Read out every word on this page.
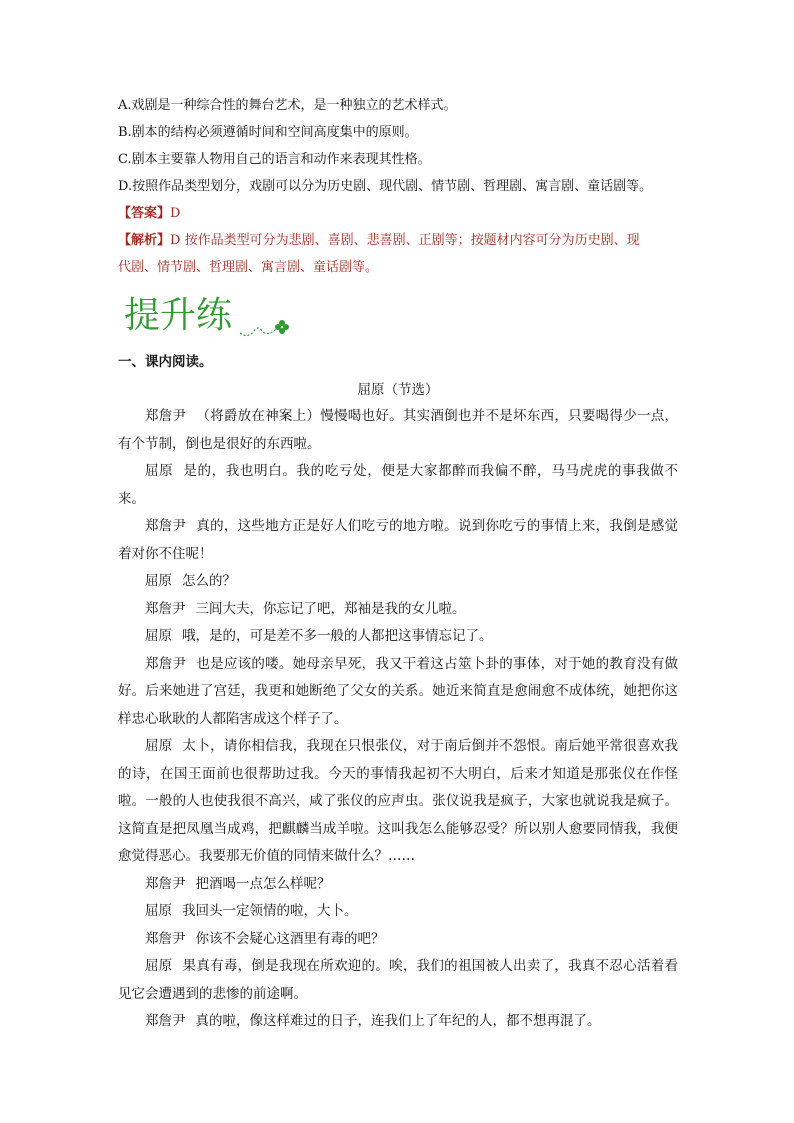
A.戏剧是一种综合性的舞台艺术，是一种独立的艺术样式。
B.剧本的结构必须遵循时间和空间高度集中的原则。
C.剧本主要靠人物用自己的语言和动作来表现其性格。
D.按照作品类型划分，戏剧可以分为历史剧、现代剧、情节剧、哲理剧、寓言剧、童话剧等。
【答案】D
【解析】D 按作品类型可分为悲剧、喜剧、悲喜剧、正剧等；按题材内容可分为历史剧、现
代剧、情节剧、哲理剧、寓言剧、童话剧等。
提升练
一、课内阅读。
屈原（节选）
郑詹尹 （将爵放在神案上）慢慢喝也好。其实酒倒也并不是坏东西，只要喝得少一点，有个节制，倒也是很好的东西啦。
屈原 是的，我也明白。我的吃亏处，便是大家都醉而我偏不醉，马马虎虎的事我做不来。
郑詹尹 真的，这些地方正是好人们吃亏的地方啦。说到你吃亏的事情上来，我倒是感觉着对你不住呢！
屈原 怎么的？
郑詹尹 三闾大夫，你忘记了吧，郑袖是我的女儿啦。
屈原 哦，是的，可是差不多一般的人都把这事情忘记了。
郑詹尹 也是应该的喽。她母亲早死，我又干着这占筮卜卦的事体，对于她的教育没有做好。后来她进了宫廷，我更和她断绝了父女的关系。她近来简直是愈闹愈不成体统，她把你这样忠心耿耿的人都陷害成这个样子了。
屈原 太卜，请你相信我，我现在只恨张仪，对于南后倒并不怨恨。南后她平常很喜欢我的诗，在国王面前也很帮助过我。今天的事情我起初不大明白，后来才知道是那张仪在作怪啦。一般的人也使我很不高兴，咸了张仪的应声虫。张仪说我是疯子，大家也就说我是疯子。这简直是把凤凰当成鸡，把麒麟当成羊啦。这叫我怎么能够忍受？所以别人愈要同情我，我便愈觉得恶心。我要那无价值的同情来做什么？……
郑詹尹 把酒喝一点怎么样呢？
屈原 我回头一定领情的啦，大卜。
郑詹尹 你该不会疑心这酒里有毒的吧？
屈原 果真有毒，倒是我现在所欢迎的。唉，我们的祖国被人出卖了，我真不忍心活着看见它会遭遇到的悲惨的前途啊。
郑詹尹 真的啦，像这样难过的日子，连我们上了年纪的人，都不想再混了。
